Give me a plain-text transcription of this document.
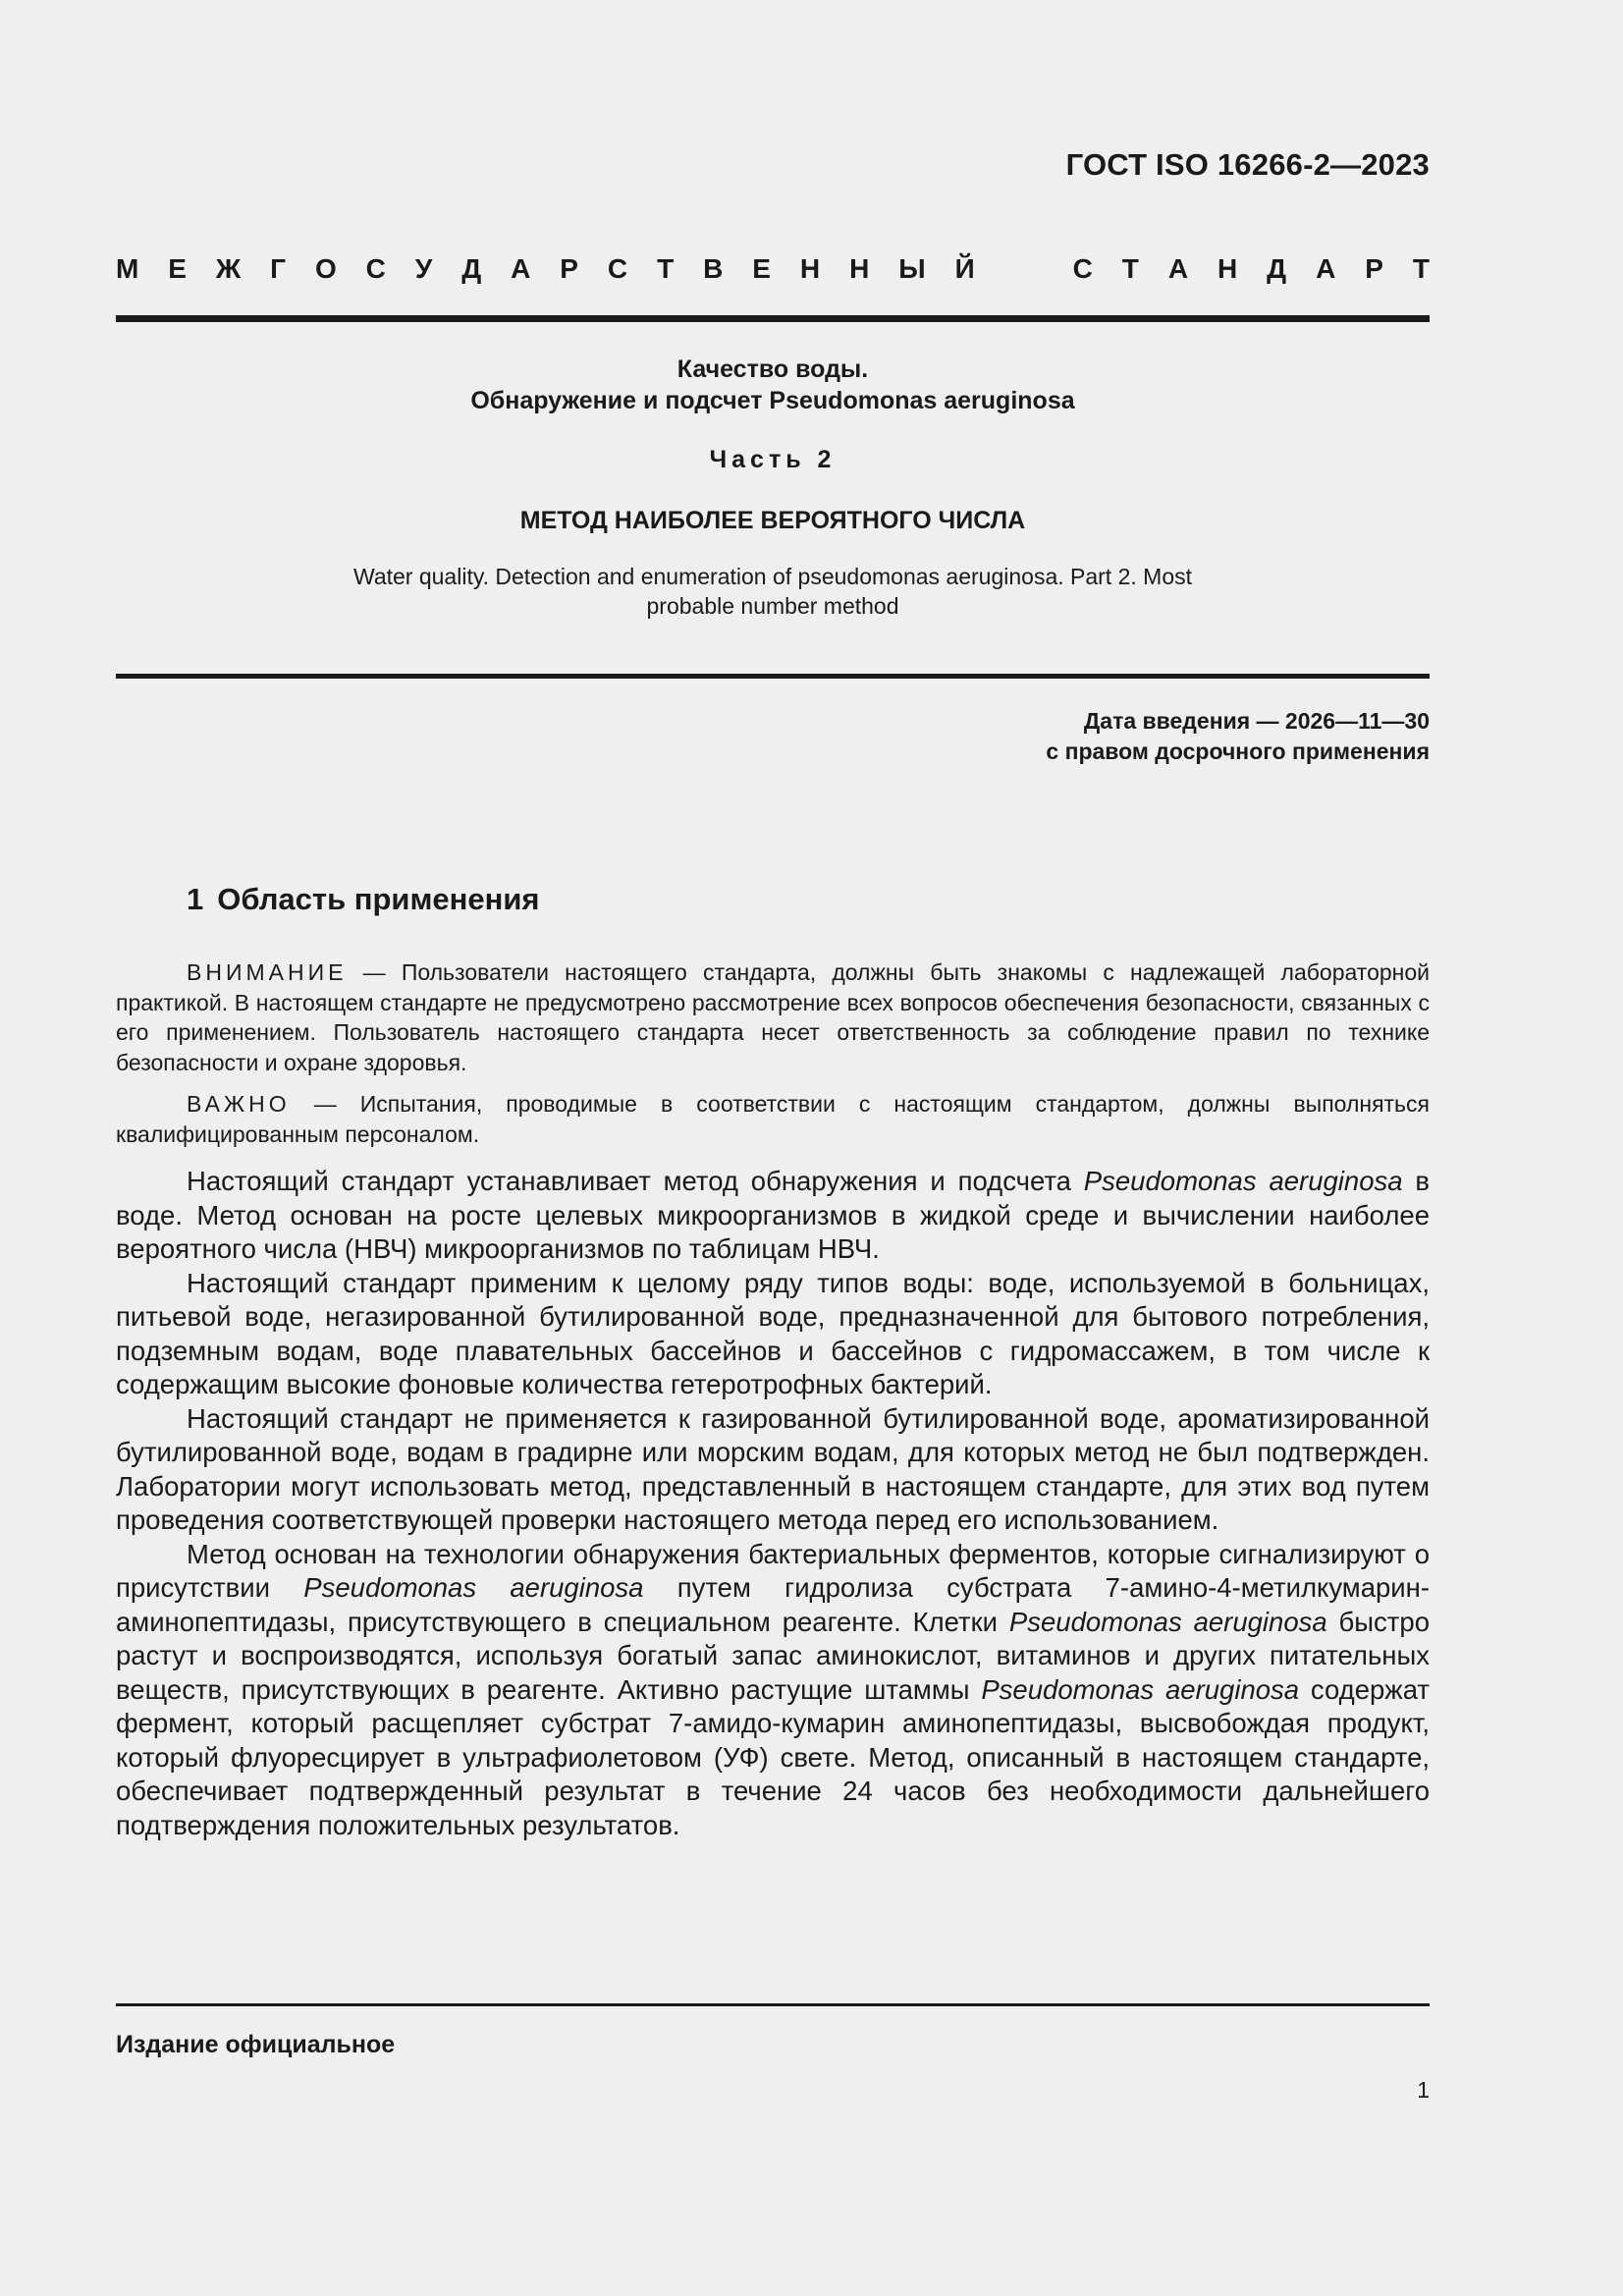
ГОСТ ISO 16266-2—2023
М Е Ж Г О С У Д А Р С Т В Е Н Н Ы Й	С Т А Н Д А Р Т
Качество воды.
Обнаружение и подсчет Pseudomonas aeruginosa
Часть 2
МЕТОД НАИБОЛЕЕ ВЕРОЯТНОГО ЧИСЛА
Water quality. Detection and enumeration of pseudomonas aeruginosa. Part 2. Most probable number method
Дата введения — 2026—11—30
с правом досрочного применения
1 Область применения

ВНИМАНИЕ — Пользователи настоящего стандарта, должны быть знакомы с надлежащей лабораторной практикой. В настоящем стандарте не предусмотрено рассмотрение всех вопросов обеспечения безопасности, связанных с его применением. Пользователь настоящего стандарта несет ответственность за соблюдение правил по технике безопасности и охране здоровья.

ВАЖНО — Испытания, проводимые в соответствии с настоящим стандартом, должны выполняться квалифицированным персоналом.

Настоящий стандарт устанавливает метод обнаружения и подсчета Pseudomonas aeruginosa в воде. Метод основан на росте целевых микроорганизмов в жидкой среде и вычислении наиболее вероятного числа (НВЧ) микроорганизмов по таблицам НВЧ.

Настоящий стандарт применим к целому ряду типов воды: воде, используемой в больницах, питьевой воде, негазированной бутилированной воде, предназначенной для бытового потребления, подземным водам, воде плавательных бассейнов и бассейнов с гидромассажем, в том числе к содержащим высокие фоновые количества гетеротрофных бактерий.

Настоящий стандарт не применяется к газированной бутилированной воде, ароматизированной бутилированной воде, водам в градирне или морским водам, для которых метод не был подтвержден. Лаборатории могут использовать метод, представленный в настоящем стандарте, для этих вод путем проведения соответствующей проверки настоящего метода перед его использованием.

Метод основан на технологии обнаружения бактериальных ферментов, которые сигнализируют о присутствии Pseudomonas aeruginosa путем гидролиза субстрата 7-амино-4-метилкумарин-аминопептидазы, присутствующего в специальном реагенте. Клетки Pseudomonas aeruginosa быстро растут и воспроизводятся, используя богатый запас аминокислот, витаминов и других питательных веществ, присутствующих в реагенте. Активно растущие штаммы Pseudomonas aeruginosa содержат фермент, который расщепляет субстрат 7-амидо-кумарин аминопептидазы, высвобождая продукт, который флуоресцирует в ультрафиолетовом (УФ) свете. Метод, описанный в настоящем стандарте, обеспечивает подтвержденный результат в течение 24 часов без необходимости дальнейшего подтверждения положительных результатов.

Издание официальное
1
